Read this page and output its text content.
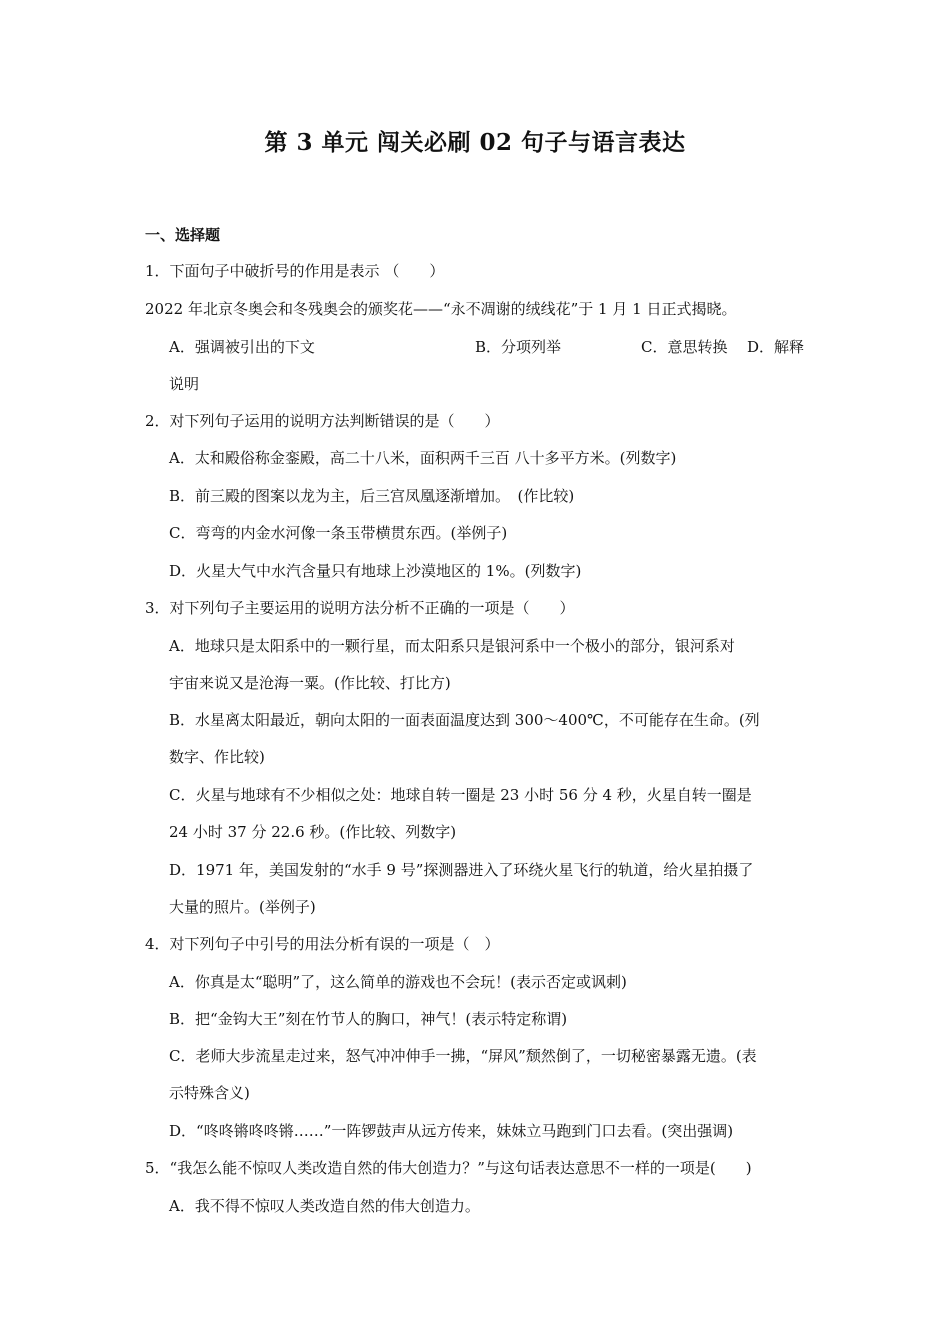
第 3 单元 闯关必刷 02 句子与语言表达
一、选择题
1．下面句子中破折号的作用是表示 （　　）
2022 年北京冬奥会和冬残奥会的颁奖花——“永不凋谢的绒线花”于 1 月 1 日正式揭晓。
A．强调被引出的下文	B．分项列举	C．意思转换 D．解释
说明
2．对下列句子运用的说明方法判断错误的是（　　）
A．太和殿俗称金銮殿，高二十八米，面积两千三百 八十多平方米。(列数字)
B．前三殿的图案以龙为主，后三宫凤凰逐渐增加。　(作比较)
C．弯弯的内金水河像一条玉带横贯东西。(举例子)
D．火星大气中水汽含量只有地球上沙漠地区的 1%。(列数字)
3．对下列句子主要运用的说明方法分析不正确的一项是（　　）
A．地球只是太阳系中的一颗行星，而太阳系只是银河系中一个极小的部分，银河系对
宇宙来说又是沧海一粟。(作比较、打比方)
B．水星离太阳最近，朝向太阳的一面表面温度达到 300～400℃，不可能存在生命。(列
数字、作比较)
C．火星与地球有不少相似之处：地球自转一圈是 23 小时 56 分 4 秒，火星自转一圈是
24 小时 37 分 22.6 秒。(作比较、列数字)
D．1971 年，美国发射的“水手 9 号”探测器进入了环绕火星飞行的轨道，给火星拍摄了
大量的照片。(举例子)
4．对下列句子中引号的用法分析有误的一项是（　）
A．你真是太“聪明”了，这么简单的游戏也不会玩！(表示否定或讽刺)
B．把“金钩大王”刻在竹节人的胸口，神气！(表示特定称谓)
C．老师大步流星走过来，怒气冲冲伸手一拂，“屏风”颓然倒了，一切秘密暴露无遗。(表
示特殊含义)
D．“咚咚锵咚咚锵……”一阵锣鼓声从远方传来，妹妹立马跑到门口去看。(突出强调)
5．“我怎么能不惊叹人类改造自然的伟大创造力？”与这句话表达意思不一样的一项是(　　)
A．我不得不惊叹人类改造自然的伟大创造力。
